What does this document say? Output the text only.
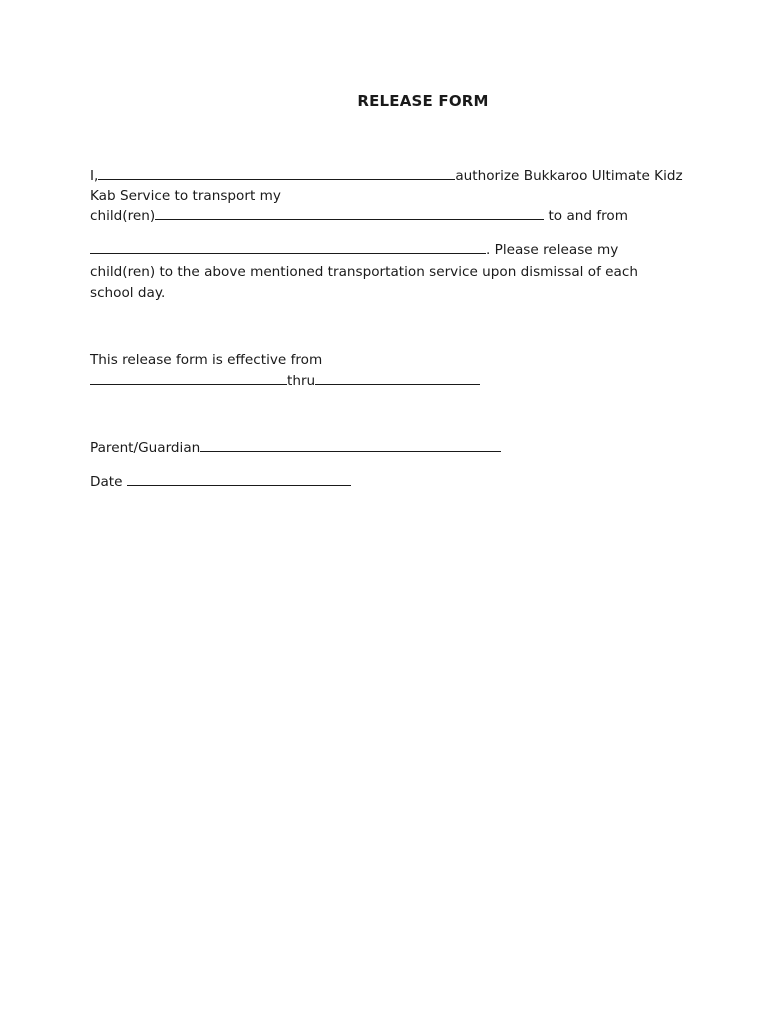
RELEASE FORM
I,	authorize Bukkaroo Ultimate Kidz
Kab Service to transport my
child(ren)	to and from
. Please release my
child(ren) to the above mentioned transportation service upon dismissal of each
school day.
This release form is effective from
thru
Parent/Guardian
Date
